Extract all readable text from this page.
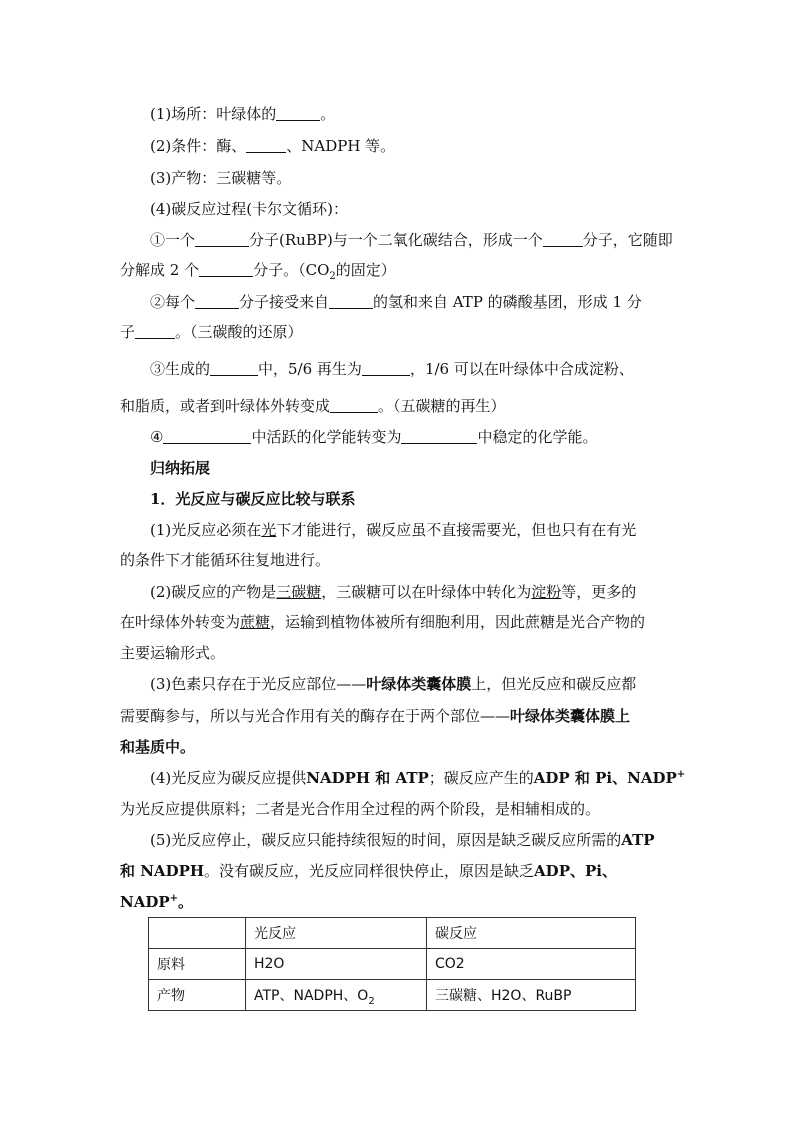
(1)场所：叶绿体的	。
(2)条件：酶、	、NADPH 等。
(3)产物：三碳糖等。
(4)碳反应过程(卡尔文循环)：
①一个	分子(RuBP)与一个二氧化碳结合，形成一个	分子，它随即
分解成 2 个	分子。（$CO_2$的固定）
②每个	分子接受来自	的氢和来自 ATP 的磷酸基团，形成 1 分
子	。（三碳酸的还原）
③生成的	中，5/6 再生为	，1/6 可以在叶绿体中合成淀粉、
和脂质，或者到叶绿体外转变成	。（五碳糖的再生）
④	中活跃的化学能转变为	中稳定的化学能。
归纳拓展
1．光反应与碳反应比较与联系
(1)光反应必须在光下才能进行，碳反应虽不直接需要光，但也只有在有光
的条件下才能循环往复地进行。
(2)碳反应的产物是三碳糖，三碳糖可以在叶绿体中转化为淀粉等，更多的
在叶绿体外转变为蔗糖，运输到植物体被所有细胞利用，因此蔗糖是光合产物的
主要运输形式。
(3)色素只存在于光反应部位——叶绿体类囊体膜上，但光反应和碳反应都
需要酶参与，所以与光合作用有关的酶存在于两个部位——叶绿体类囊体膜上
和基质中。
(4)光反应为碳反应提供NADPH 和 ATP；碳反应产生的ADP 和 Pi、NADP+
为光反应提供原料；二者是光合作用全过程的两个阶段，是相辅相成的。
(5)光反应停止，碳反应只能持续很短的时间，原因是缺乏碳反应所需的ATP
和 NADPH。没有碳反应，光反应同样很快停止，原因是缺乏ADP、Pi、
NADP+。
	光反应	碳反应
原料	H2O	CO2
产物	ATP、NADPH、$O_2$	三碳糖、H2O、RuBP
